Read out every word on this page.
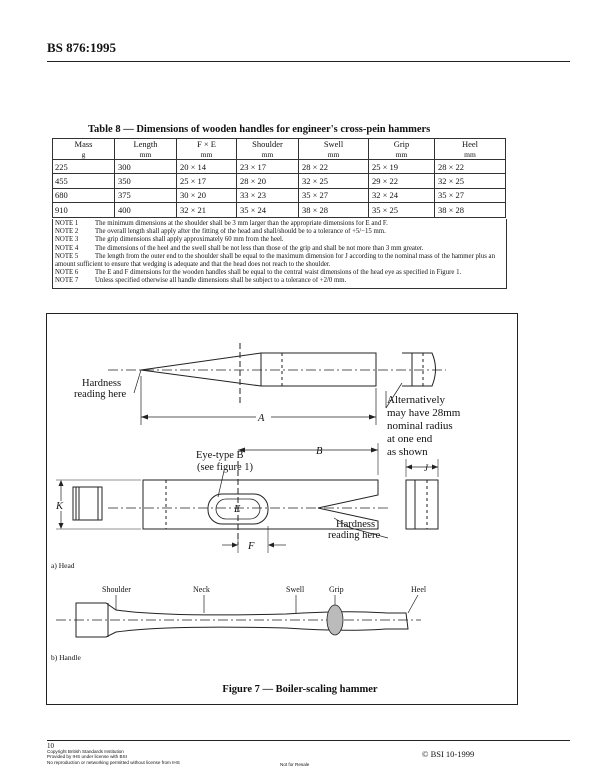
BS 876:1995
Table 8 — Dimensions of wooden handles for engineer's cross-pein hammers
Mass	Length	F × E	Shoulder	Swell	Grip	Heel
g	mm	mm	mm	mm	mm	mm
225	300	20 × 14	23 × 17	28 × 22	25 × 19	28 × 22
455	350	25 × 17	28 × 20	32 × 25	29 × 22	32 × 25
680	375	30 × 20	33 × 23	35 × 27	32 × 24	35 × 27
910	400	32 × 21	35 × 24	38 × 28	35 × 25	38 × 28
NOTE 1 The minimum dimensions at the shoulder shall be 3 mm larger than the appropriate dimensions for E and F.
NOTE 2 The overall length shall apply after the fitting of the head and shall/should be to a tolerance of +5/−15 mm.
NOTE 3 The grip dimensions shall apply approximately 60 mm from the heel.
NOTE 4 The dimensions of the heel and the swell shall be not less than those of the grip and shall be not more than 3 mm greater.
NOTE 5 The length from the outer end to the shoulder shall be equal to the maximum dimension for J according to the nominal mass of the hammer plus an amount sufficient to ensure that wedging is adequate and that the head does not reach to the shoulder.
NOTE 6 The E and F dimensions for the wooden handles shall be equal to the central waist dimensions of the head eye as specified in Figure 1.
NOTE 7 Unless specified otherwise all handle dimensions shall be subject to a tolerance of +2/0 mm.
Hardness
reading here
A
Alternatively
may have 28mm
nominal radius
at one end
as shown
B
J
K	E
F
Eye-type B
(see figure 1)
Hardness
reading here
Shoulder	Neck	Swell	Grip	Heel
a) Head
b) Handle
Figure 7 — Boiler-scaling hammer
10
Copyright British Standards Institution
Provided by IHS under license with BSI
No reproduction or networking permitted without license from IHS	Not for Resale
© BSI 10-1999
